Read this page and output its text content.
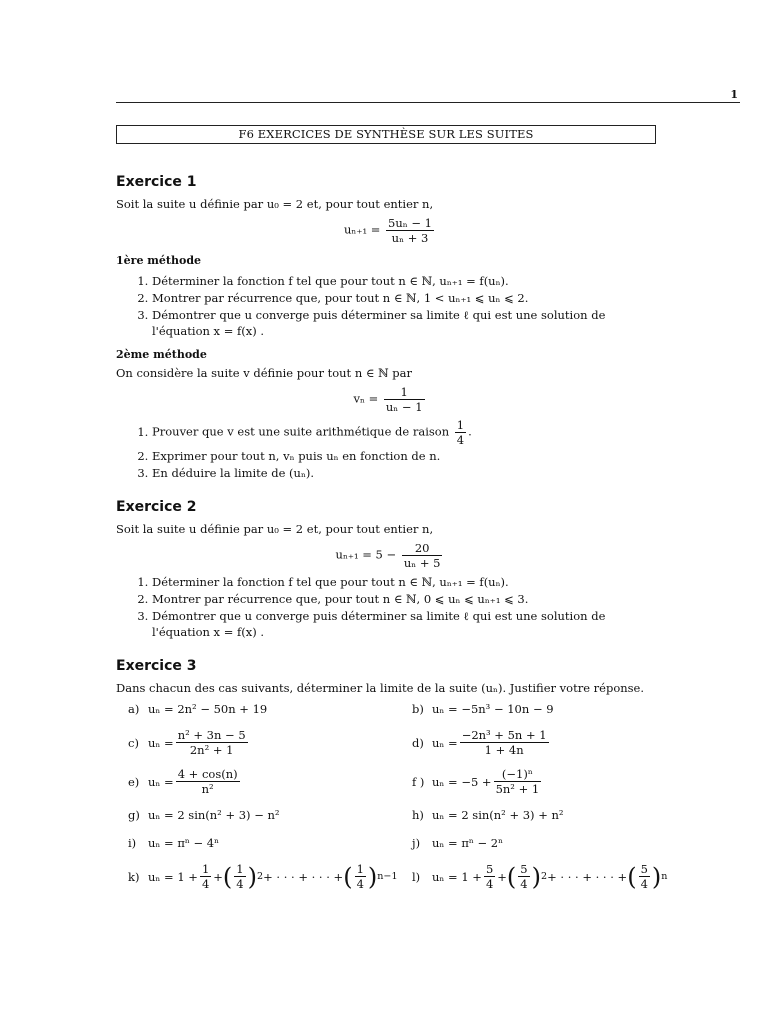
1
F6 EXERCICES DE SYNTHÈSE SUR LES SUITES
Exercice 1

Soit la suite u définie par u₀ = 2 et, pour tout entier n,

$u_{n+1} = \frac{\text{5uₙ − 1}}{\text{uₙ + 3}}$
1ère méthode
1. Déterminer la fonction f tel que pour tout n ∈ ℕ, uₙ₊₁ = f(uₙ).
2. Montrer par récurrence que, pour tout n ∈ ℕ, 1 < uₙ₊₁ ⩽ uₙ ⩽ 2.
3. Démontrer que u converge puis déterminer sa limite ℓ qui est une solution de l'équation x = f(x) .
2ème méthode

On considère la suite v définie pour tout n ∈ ℕ par

$v_n = \frac{1}{\text{uₙ − 1}}$
1. Prouver que v est une suite arithmétique de raison $\frac{1}{4}$ .
2. Exprimer pour tout n, vₙ puis uₙ en fonction de n.
3. En déduire la limite de (uₙ).
Exercice 2

Soit la suite u définie par u₀ = 2 et, pour tout entier n,

$u_{n+1} = 5 - \frac{20}{\text{uₙ + 5}}$
1. Déterminer la fonction f tel que pour tout n ∈ ℕ, uₙ₊₁ = f(uₙ).
2. Montrer par récurrence que, pour tout n ∈ ℕ, 0 ⩽ uₙ ⩽ uₙ₊₁ ⩽ 3.
3. Démontrer que u converge puis déterminer sa limite ℓ qui est une solution de l'équation x = f(x) .
Exercice 3

Dans chacun des cas suivants, déterminer la limite de la suite (uₙ). Justifier votre réponse.

a) uₙ = 2n² − 50n + 19	b) uₙ = −5n³ − 10n − 9
c) $u_n = \frac{\text{n² + 3n − 5}}{\text{2n² + 1}}$	d) $u_n = \frac{\text{−2n³ + 5n + 1}}{1 + 4n}$
e) $u_n = \frac{4 + \cos(n)}{\text{n²}}$	f ) $u_n = -5 + \frac{\text{(−1)ⁿ}}{\text{5n² + 1}}$
g) uₙ = 2 sin(n² + 3) − n²	h) uₙ = 2 sin(n² + 3) + n²
i)	uₙ = πⁿ − 4ⁿ	j)	uₙ = πⁿ − 2ⁿ
k) $u_n = 1 + \frac{1}{4}$ + ( $\frac{1}{4}$ ) 2 + · · · + · · · + ( $\frac{1}{4}$ ) n−1 l)	$u_n = 1 + \frac{5}{4}$ + ( $\frac{5}{4}$ ) 2 + · · · + · · · + ( $\frac{5}{4}$ ) n
